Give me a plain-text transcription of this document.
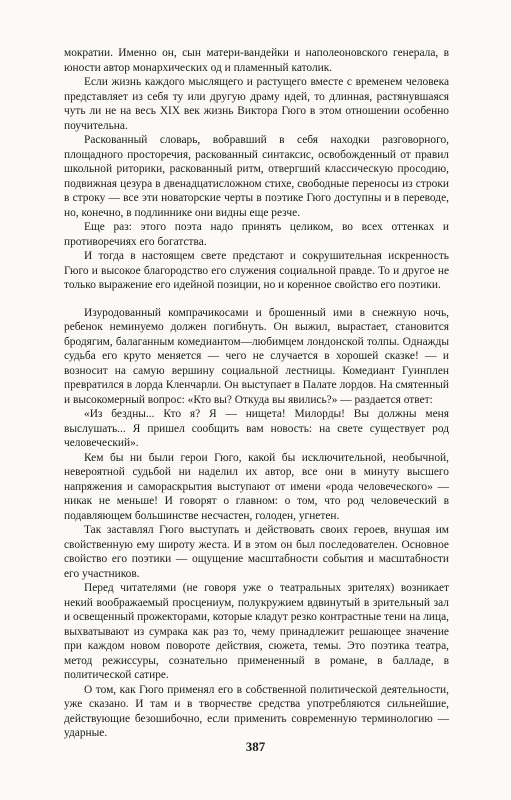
мократии. Именно он, сын матери-вандейки и наполеоновского генерала, в юности автор монархических од и пламенный католик.

Если жизнь каждого мыслящего и растущего вместе с временем человека представляет из себя ту или другую драму идей, то длинная, растянувшаяся чуть ли не на весь XIX век жизнь Виктора Гюго в этом отношении особенно поучительна.

Раскованный словарь, вобравший в себя находки разговорного, площадного просторечия, раскованный синтаксис, освобожденный от правил школьной риторики, раскованный ритм, отвергший классическую просодию, подвижная цезура в двенадцатисложном стихе, свободные переносы из строки в строку — все эти новаторские черты в поэтике Гюго доступны и в переводе, но, конечно, в подлиннике они видны еще резче.

Еще раз: этого поэта надо принять целиком, во всех оттенках и противоречиях его богатства.

И тогда в настоящем свете предстают и сокрушительная искренность Гюго и высокое благородство его служения социальной правде. То и другое не только выражение его идейной позиции, но и коренное свойство его поэтики.

Изуродованный компрачикосами и брошенный ими в снежную ночь, ребенок неминуемо должен погибнуть. Он выжил, вырастает, становится бродягим, балаганным комедиантом—любимцем лондонской толпы. Однажды судьба его круто меняется — чего не случается в хорошей сказке! — и возносит на самую вершину социальной лестницы. Комедиант Гуинплен превратился в лорда Кленчарли. Он выступает в Палате лордов. На смятенный и высокомерный вопрос: «Кто вы? Откуда вы явились?» — раздается ответ:

«Из бездны... Кто я? Я — нищета! Милорды! Вы должны меня выслушать... Я пришел сообщить вам новость: на свете существует род человеческий».

Кем бы ни были герои Гюго, какой бы исключительной, необычной, невероятной судьбой ни наделил их автор, все они в минуту высшего напряжения и самораскрытия выступают от имени «рода человеческого» — никак не меньше! И говорят о главном: о том, что род человеческий в подавляющем большинстве несчастен, голоден, угнетен.

Так заставлял Гюго выступать и действовать своих героев, внушая им свойственную ему широту жеста. И в этом он был последователен. Основное свойство его поэтики — ощущение масштабности события и масштабности его участников.

Перед читателями (не говоря уже о театральных зрителях) возникает некий воображаемый просцениум, полукружием вдвинутый в зрительный зал и освещенный прожекторами, которые кладут резко контрастные тени на лица, выхватывают из сумрака как раз то, чему принадлежит решающее значение при каждом новом повороте действия, сюжета, темы. Это поэтика театра, метод режиссуры, сознательно примененный в романе, в балладе, в политической сатире.

О том, как Гюго применял его в собственной политической деятельности, уже сказано. И там и в творчестве средства употребляются сильнейшие, действующие безошибочно, если применить современную терминологию — ударные.

387
